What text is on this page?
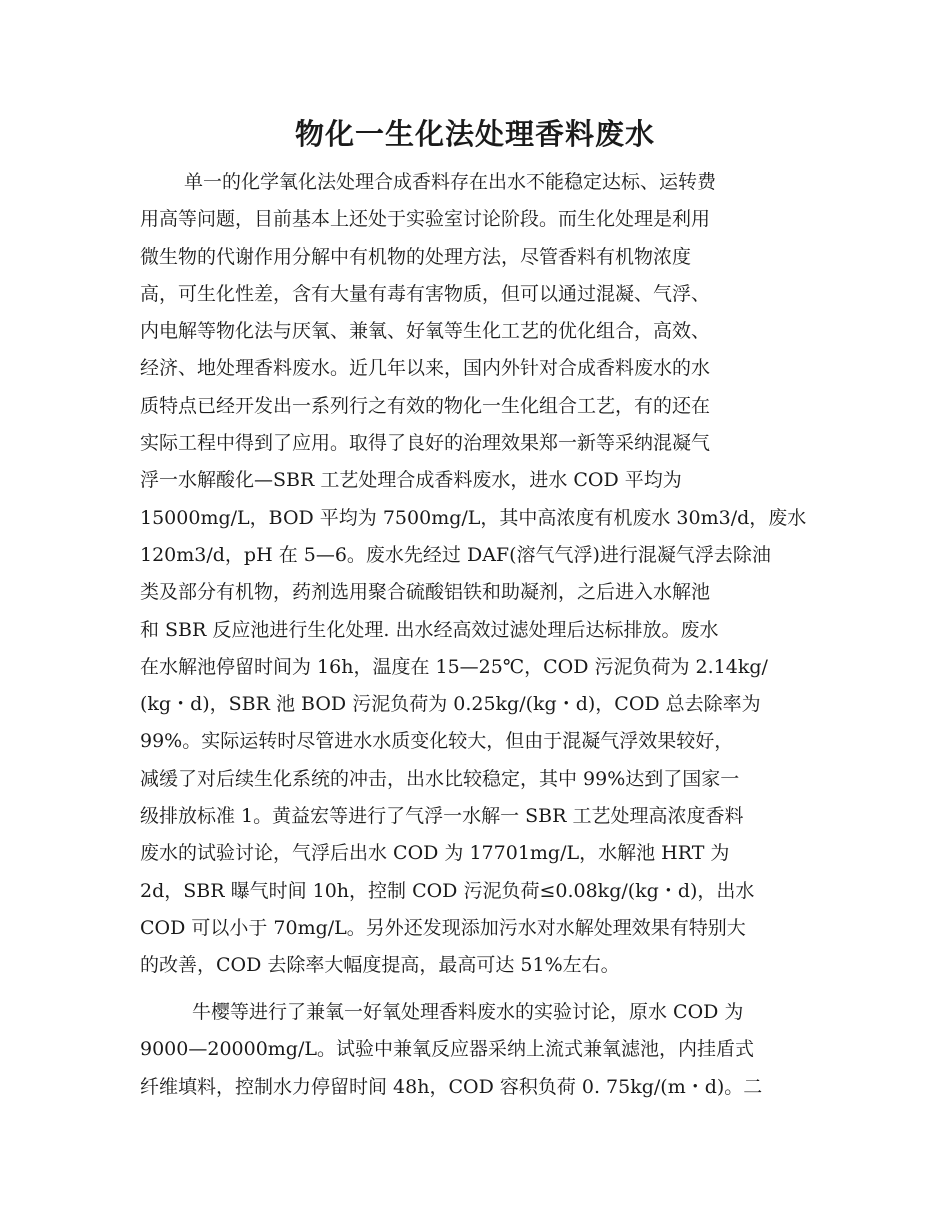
物化一生化法处理香料废水
单一的化学氧化法处理合成香料存在出水不能稳定达标、运转费
用高等问题，目前基本上还处于实验室讨论阶段。而生化处理是利用
微生物的代谢作用分解中有机物的处理方法，尽管香料有机物浓度
高，可生化性差，含有大量有毒有害物质，但可以通过混凝、气浮、
内电解等物化法与厌氧、兼氧、好氧等生化工艺的优化组合，高效、
经济、地处理香料废水。近几年以来，国内外针对合成香料废水的水
质特点已经开发出一系列行之有效的物化一生化组合工艺，有的还在
实际工程中得到了应用。取得了良好的治理效果郑一新等采纳混凝气
浮一水解酸化—SBR 工艺处理合成香料废水，进水 COD 平均为
15000mg/L，BOD 平均为 7500mg/L，其中高浓度有机废水 30m3/d，废水
120m3/d，pH 在 5—6。废水先经过 DAF(溶气气浮)进行混凝气浮去除油
类及部分有机物，药剂选用聚合硫酸铝铁和助凝剂，之后进入水解池
和 SBR 反应池进行生化处理. 出水经高效过滤处理后达标排放。废水
在水解池停留时间为 16h，温度在 15—25℃，COD 污泥负荷为 2.14kg/
(kg・d)，SBR 池 BOD 污泥负荷为 0.25kg/(kg・d)，COD 总去除率为
99%。实际运转时尽管进水水质变化较大，但由于混凝气浮效果较好，
减缓了对后续生化系统的冲击，出水比较稳定，其中 99%达到了国家一
级排放标准 1。黄益宏等进行了气浮一水解一 SBR 工艺处理高浓度香料
废水的试验讨论，气浮后出水 COD 为 17701mg/L，水解池 HRT 为
2d，SBR 曝气时间 10h，控制 COD 污泥负荷≤0.08kg/(kg・d)，出水
COD 可以小于 70mg/L。另外还发现添加污水对水解处理效果有特别大
的改善，COD 去除率大幅度提高，最高可达 51%左右。
牛樱等进行了兼氧一好氧处理香料废水的实验讨论，原水 COD 为
9000—20000mg/L。试验中兼氧反应器采纳上流式兼氧滤池，内挂盾式
纤维填料，控制水力停留时间 48h，COD 容积负荷 0. 75kg/(m・d)。二
